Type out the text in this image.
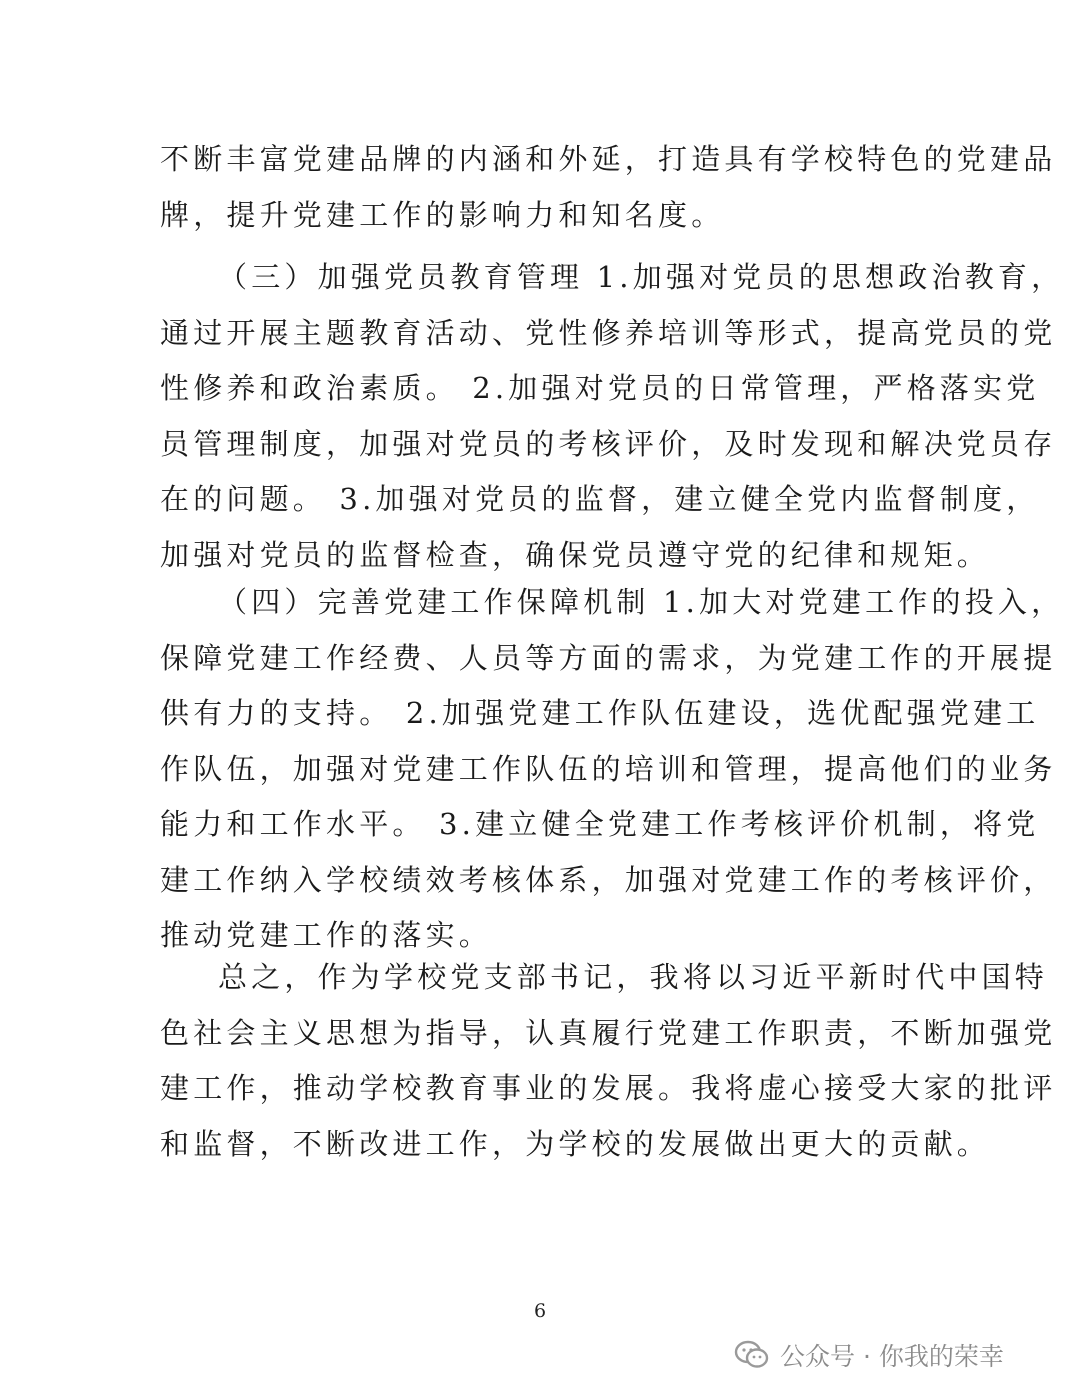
不断丰富党建品牌的内涵和外延，打造具有学校特色的党建品
牌，提升党建工作的影响力和知名度。
（三）加强党员教育管理 1.加强对党员的思想政治教育，
通过开展主题教育活动、党性修养培训等形式，提高党员的党
性修养和政治素质。 2.加强对党员的日常管理，严格落实党
员管理制度，加强对党员的考核评价，及时发现和解决党员存
在的问题。 3.加强对党员的监督，建立健全党内监督制度，
加强对党员的监督检查，确保党员遵守党的纪律和规矩。
（四）完善党建工作保障机制 1.加大对党建工作的投入，
保障党建工作经费、人员等方面的需求，为党建工作的开展提
供有力的支持。 2.加强党建工作队伍建设，选优配强党建工
作队伍，加强对党建工作队伍的培训和管理，提高他们的业务
能力和工作水平。 3.建立健全党建工作考核评价机制，将党
建工作纳入学校绩效考核体系，加强对党建工作的考核评价，
推动党建工作的落实。
总之，作为学校党支部书记，我将以习近平新时代中国特
色社会主义思想为指导，认真履行党建工作职责，不断加强党
建工作，推动学校教育事业的发展。我将虚心接受大家的批评
和监督，不断改进工作，为学校的发展做出更大的贡献。
6
公众号 · 你我的荣幸
